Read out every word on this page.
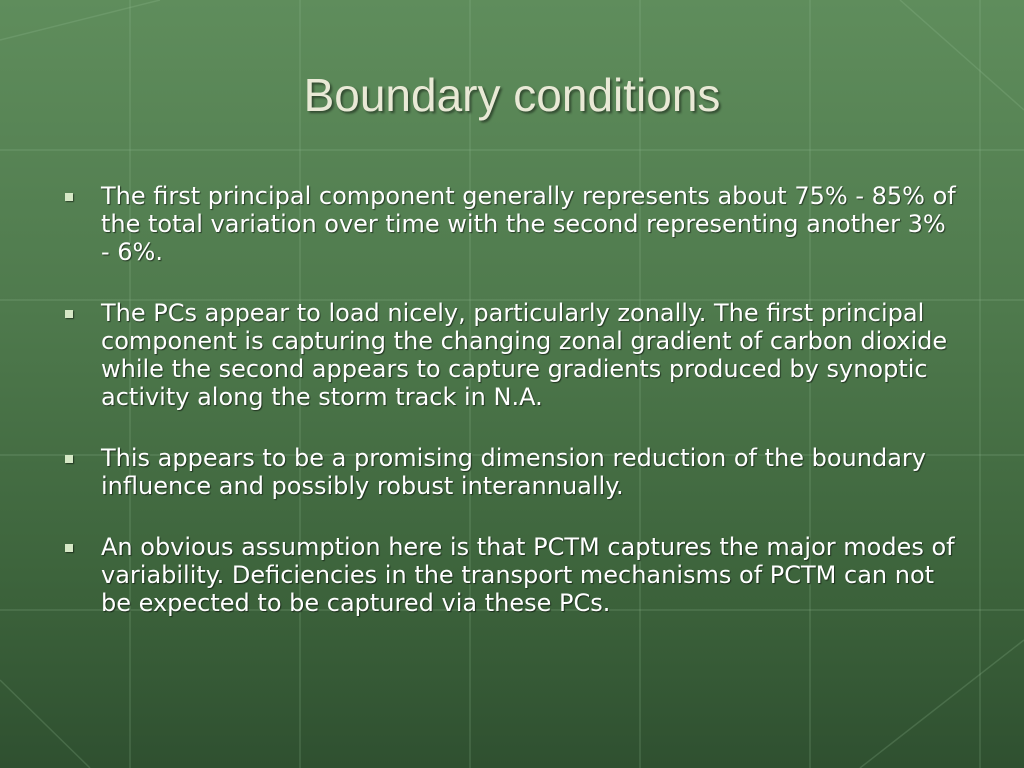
Boundary conditions
The first principal component generally represents about 75% - 85% of the total variation over time with the second representing another 3% - 6%.
The PCs appear to load nicely, particularly zonally. The first principal component is capturing the changing zonal gradient of carbon dioxide while the second appears to capture gradients produced by synoptic activity along the storm track in N.A.
This appears to be a promising dimension reduction of the boundary influence and possibly robust interannually.
An obvious assumption here is that PCTM captures the major modes of variability. Deficiencies in the transport mechanisms of PCTM can not be expected to be captured via these PCs.
